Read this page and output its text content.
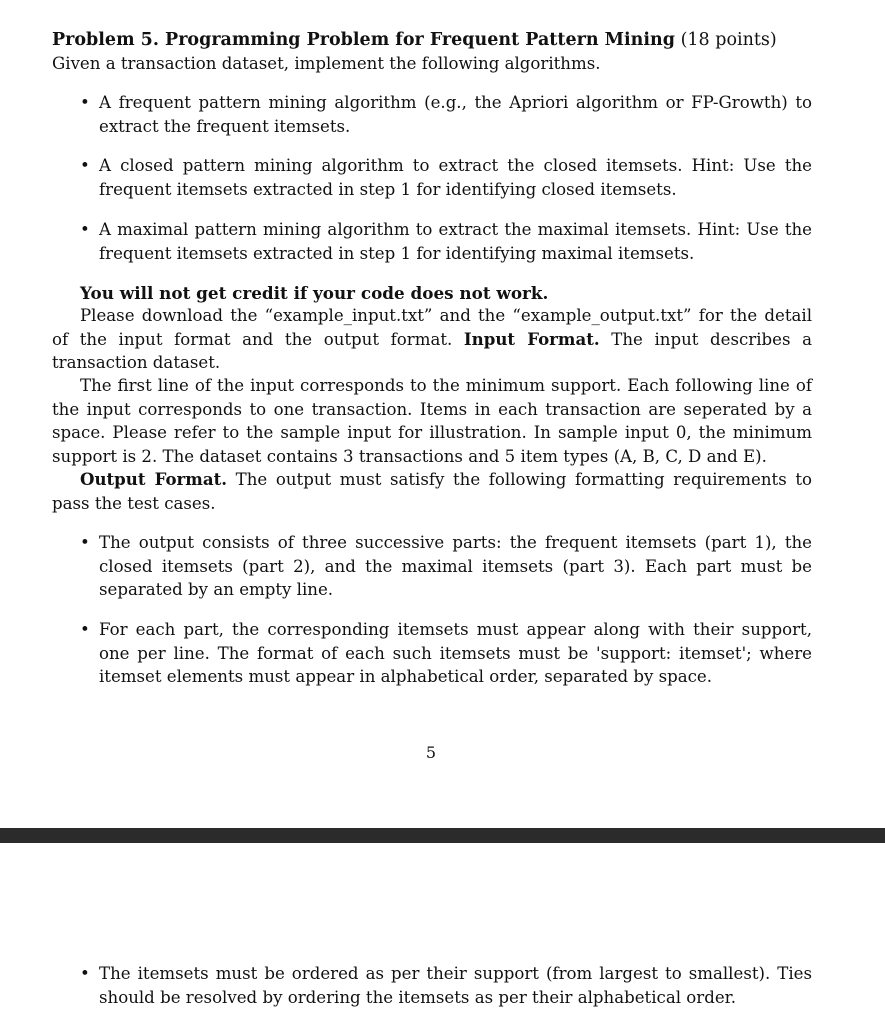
Problem 5. Programming Problem for Frequent Pattern Mining (18 points)
Given a transaction dataset, implement the following algorithms.
• A frequent pattern mining algorithm (e.g., the Apriori algorithm or FP-Growth) to extract the frequent itemsets.
• A closed pattern mining algorithm to extract the closed itemsets. Hint: Use the frequent itemsets extracted in step 1 for identifying closed itemsets.
• A maximal pattern mining algorithm to extract the maximal itemsets. Hint: Use the frequent itemsets extracted in step 1 for identifying maximal itemsets.
You will not get credit if your code does not work.
Please download the “example_input.txt” and the “example_output.txt” for the detail of the input format and the output format. Input Format. The input describes a transaction dataset.
The first line of the input corresponds to the minimum support. Each following line of the input corresponds to one transaction. Items in each transaction are seperated by a space. Please refer to the sample input for illustration. In sample input 0, the minimum support is 2. The dataset contains 3 transactions and 5 item types (A, B, C, D and E).
Output Format. The output must satisfy the following formatting requirements to pass the test cases.
• The output consists of three successive parts: the frequent itemsets (part 1), the closed itemsets (part 2), and the maximal itemsets (part 3). Each part must be separated by an empty line.
• For each part, the corresponding itemsets must appear along with their support, one per line. The format of each such itemsets must be 'support: itemset'; where itemset elements must appear in alphabetical order, separated by space.
5
• The itemsets must be ordered as per their support (from largest to smallest). Ties should be resolved by ordering the itemsets as per their alphabetical order.
